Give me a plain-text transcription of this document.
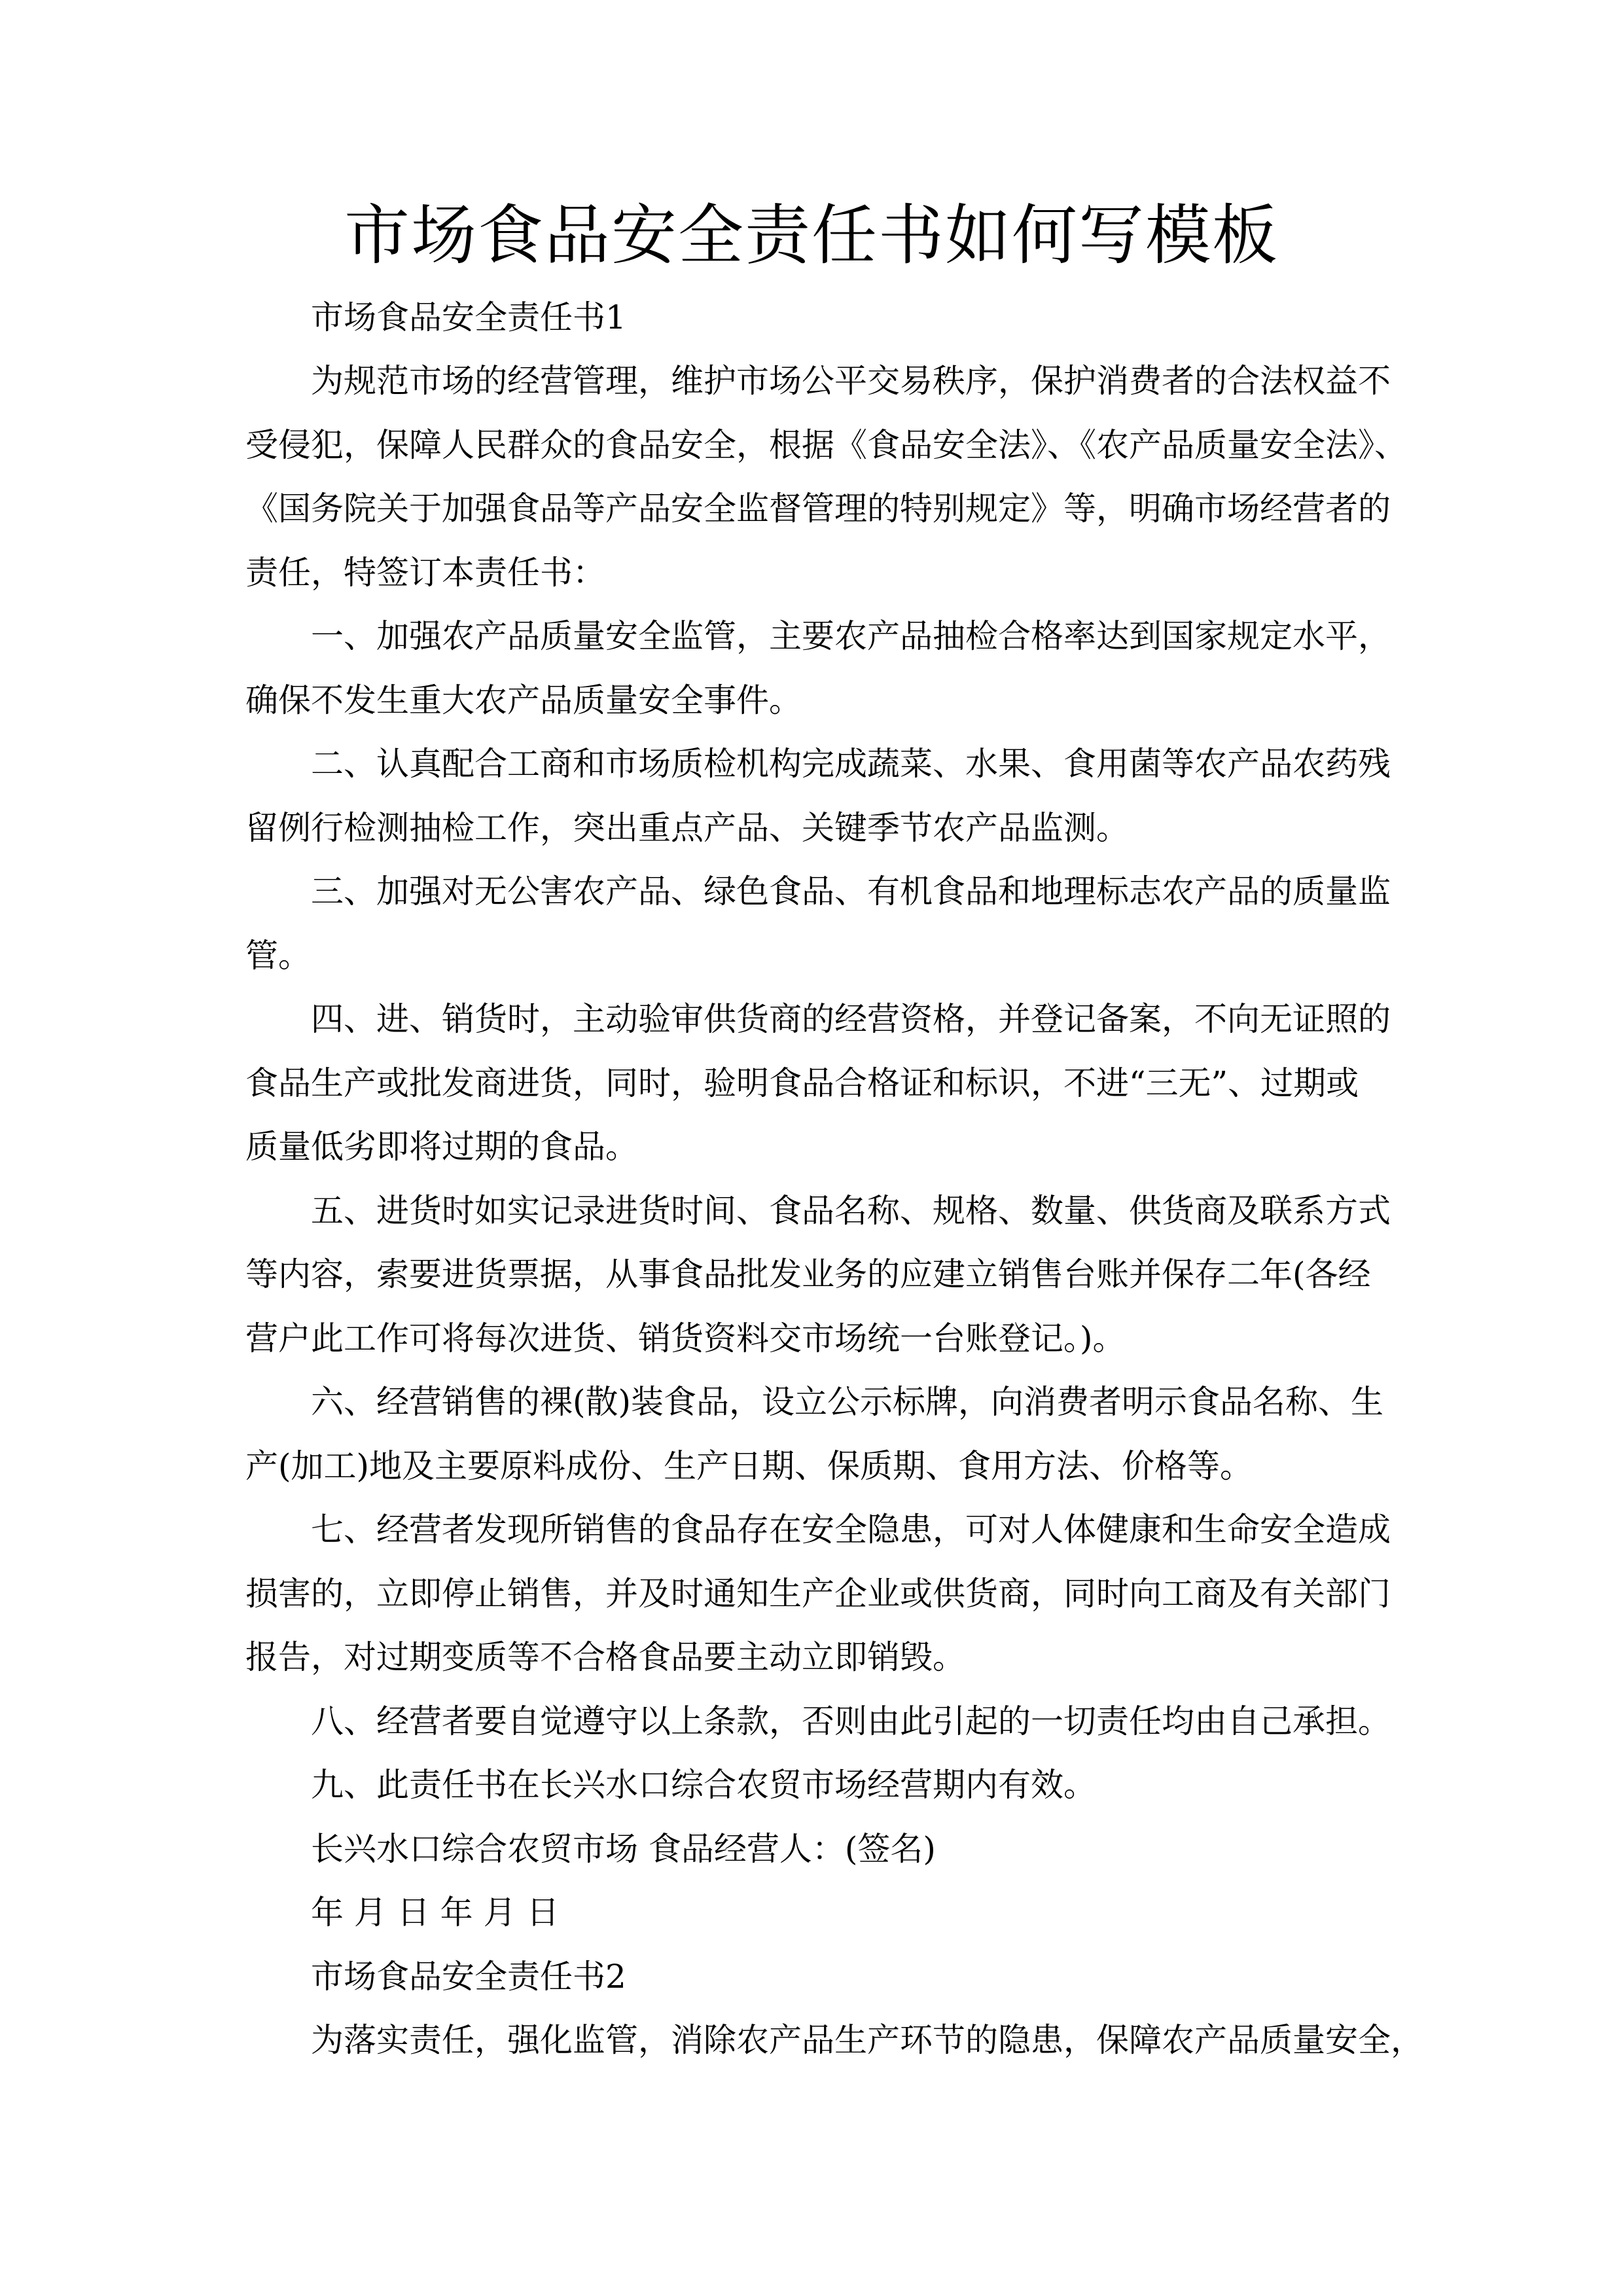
市场食品安全责任书如何写模板
市场食品安全责任书1
为规范市场的经营管理，维护市场公平交易秩序，保护消费者的合法权益不
受侵犯，保障人民群众的食品安全，根据《食品安全法》、《农产品质量安全法》、
《国务院关于加强食品等产品安全监督管理的特别规定》等，明确市场经营者的
责任，特签订本责任书：
一、加强农产品质量安全监管，主要农产品抽检合格率达到国家规定水平，
确保不发生重大农产品质量安全事件。
二、认真配合工商和市场质检机构完成蔬菜、水果、食用菌等农产品农药残
留例行检测抽检工作，突出重点产品、关键季节农产品监测。
三、加强对无公害农产品、绿色食品、有机食品和地理标志农产品的质量监
管。
四、进、销货时，主动验审供货商的经营资格，并登记备案，不向无证照的
食品生产或批发商进货，同时，验明食品合格证和标识，不进“三无”、过期或
质量低劣即将过期的食品。
五、进货时如实记录进货时间、食品名称、规格、数量、供货商及联系方式
等内容，索要进货票据，从事食品批发业务的应建立销售台账并保存二年(各经
营户此工作可将每次进货、销货资料交市场统一台账登记。)。
六、经营销售的裸(散)装食品，设立公示标牌，向消费者明示食品名称、生
产(加工)地及主要原料成份、生产日期、保质期、食用方法、价格等。
七、经营者发现所销售的食品存在安全隐患，可对人体健康和生命安全造成
损害的，立即停止销售，并及时通知生产企业或供货商，同时向工商及有关部门
报告，对过期变质等不合格食品要主动立即销毁。
八、经营者要自觉遵守以上条款，否则由此引起的一切责任均由自己承担。
九、此责任书在长兴水口综合农贸市场经营期内有效。
长兴水口综合农贸市场 食品经营人：(签名)
年 月 日 年 月 日
市场食品安全责任书2
为落实责任，强化监管，消除农产品生产环节的隐患，保障农产品质量安全，
